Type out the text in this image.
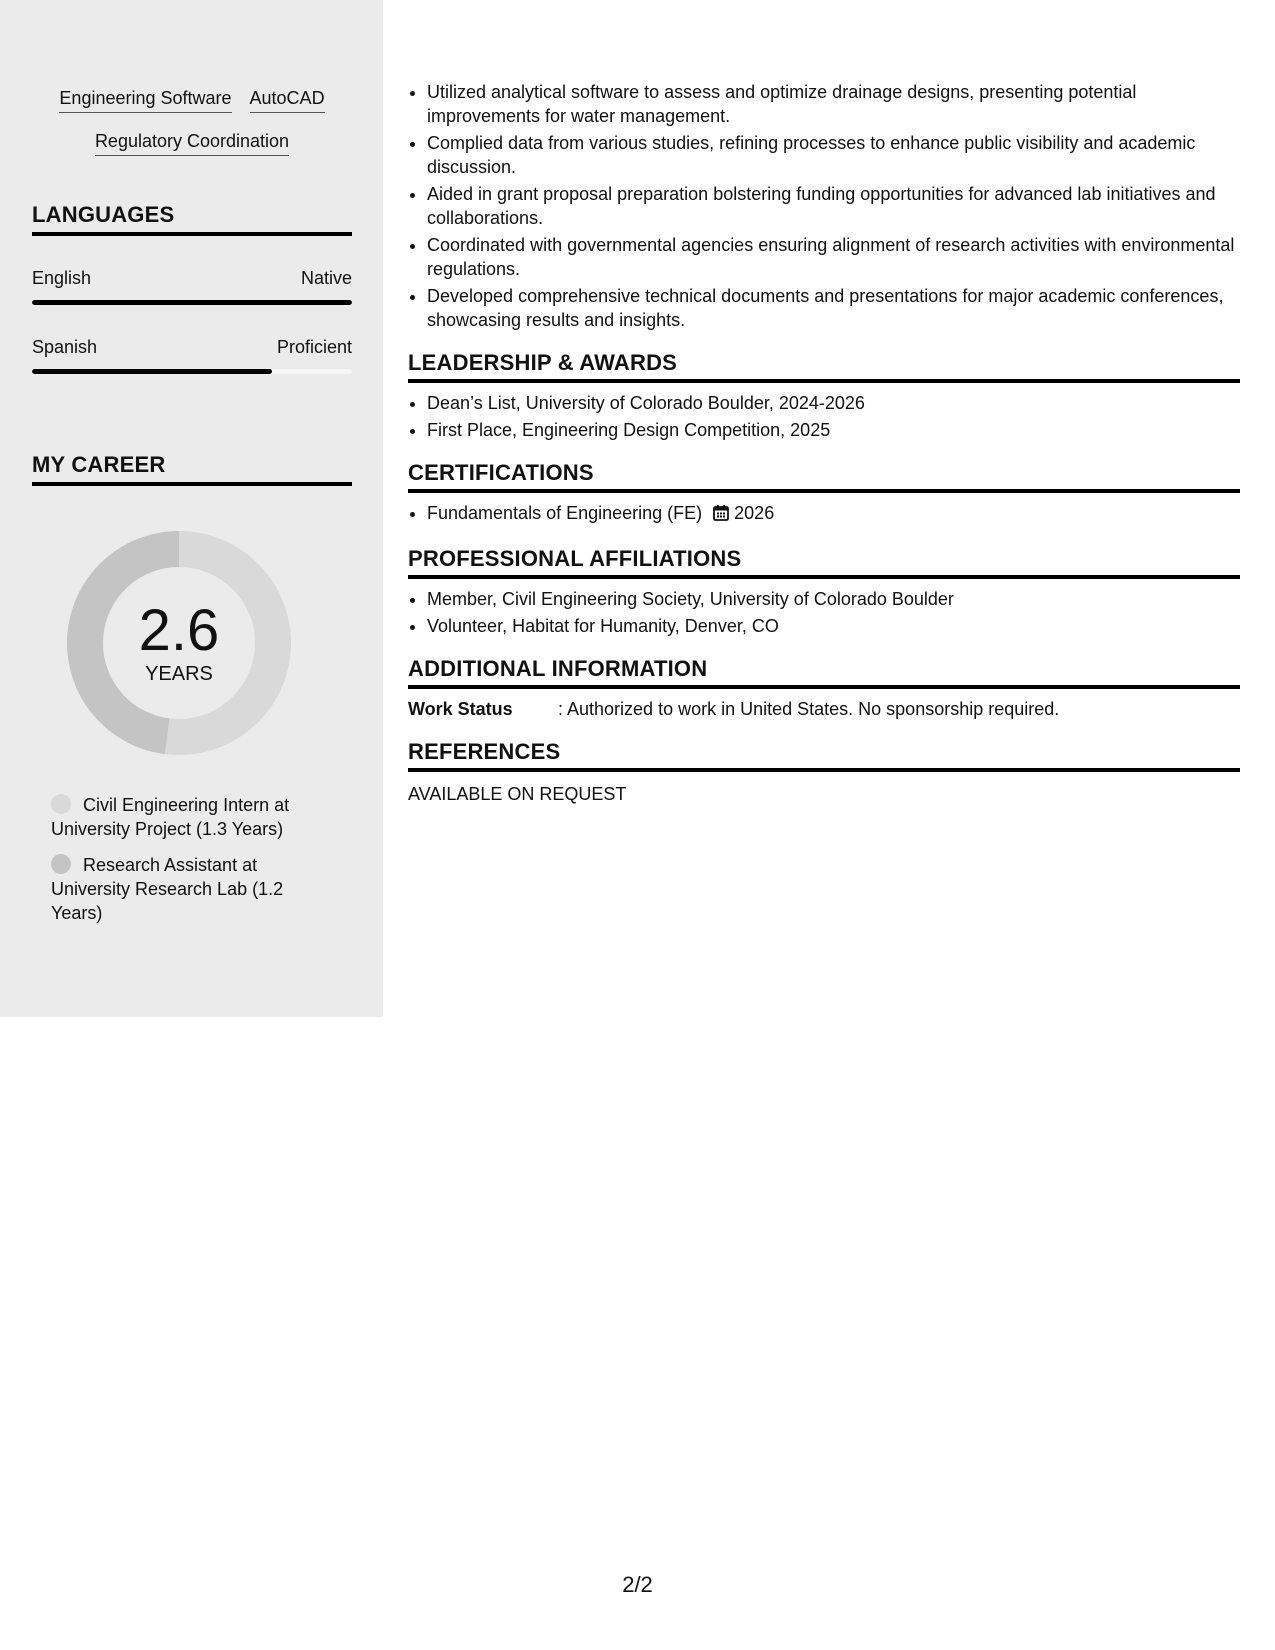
Engineering Software AutoCAD
Regulatory Coordination
LANGUAGES
English	Native
Spanish	Proficient
MY CAREER
2.6
YEARS
Civil Engineering Intern at University Project (1.3 Years)
Research Assistant at University Research Lab (1.2 Years)
• Utilized analytical software to assess and optimize drainage designs, presenting potential improvements for water management.
• Complied data from various studies, refining processes to enhance public visibility and academic discussion.
• Aided in grant proposal preparation bolstering funding opportunities for advanced lab initiatives and collaborations.
• Coordinated with governmental agencies ensuring alignment of research activities with environmental regulations.
• Developed comprehensive technical documents and presentations for major academic conferences, showcasing results and insights.
LEADERSHIP & AWARDS
• Dean’s List, University of Colorado Boulder, 2024-2026
• First Place, Engineering Design Competition, 2025
CERTIFICATIONS
• Fundamentals of Engineering (FE) 2026
PROFESSIONAL AFFILIATIONS
• Member, Civil Engineering Society, University of Colorado Boulder
• Volunteer, Habitat for Humanity, Denver, CO
ADDITIONAL INFORMATION
Work Status	: Authorized to work in United States. No sponsorship required.
REFERENCES
AVAILABLE ON REQUEST
2/2
